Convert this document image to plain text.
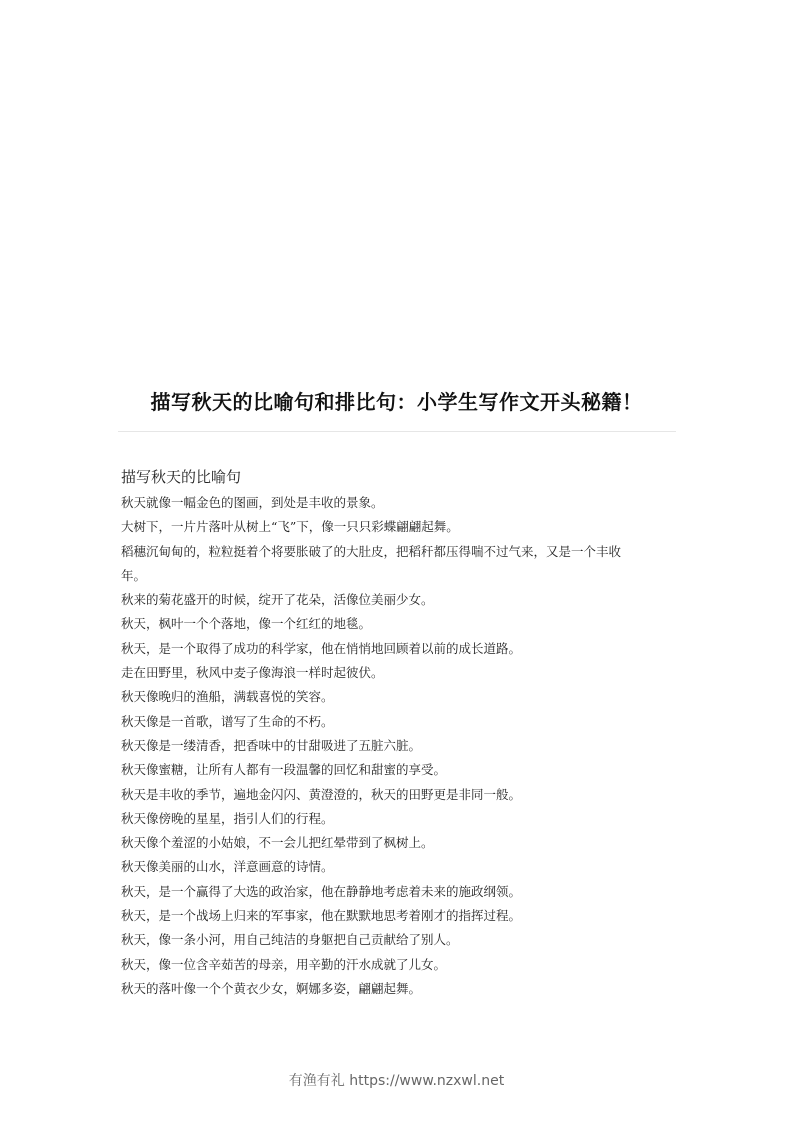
描写秋天的比喻句和排比句：小学生写作文开头秘籍！
描写秋天的比喻句
秋天就像一幅金色的图画，到处是丰收的景象。
大树下，一片片落叶从树上“飞”下，像一只只彩蝶翩翩起舞。
稻穗沉甸甸的，粒粒挺着个将要胀破了的大肚皮，把稻秆都压得喘不过气来，又是一个丰收
年。
秋来的菊花盛开的时候，绽开了花朵，活像位美丽少女。
秋天，枫叶一个个落地，像一个红红的地毯。
秋天，是一个取得了成功的科学家，他在悄悄地回顾着以前的成长道路。
走在田野里，秋风中麦子像海浪一样时起彼伏。
秋天像晚归的渔船，满载喜悦的笑容。
秋天像是一首歌，谱写了生命的不朽。
秋天像是一缕清香，把香味中的甘甜吸进了五脏六脏。
秋天像蜜糖，让所有人都有一段温馨的回忆和甜蜜的享受。
秋天是丰收的季节，遍地金闪闪、黄澄澄的，秋天的田野更是非同一般。
秋天像傍晚的星星，指引人们的行程。
秋天像个羞涩的小姑娘，不一会儿把红晕带到了枫树上。
秋天像美丽的山水，洋意画意的诗情。
秋天，是一个赢得了大选的政治家，他在静静地考虑着未来的施政纲领。
秋天，是一个战场上归来的军事家，他在默默地思考着刚才的指挥过程。
秋天，像一条小河，用自己纯洁的身躯把自己贡献给了别人。
秋天，像一位含辛茹苦的母亲，用辛勤的汗水成就了儿女。
秋天的落叶像一个个黄衣少女，婀娜多姿，翩翩起舞。
有渔有礼 https://www.nzxwl.net
